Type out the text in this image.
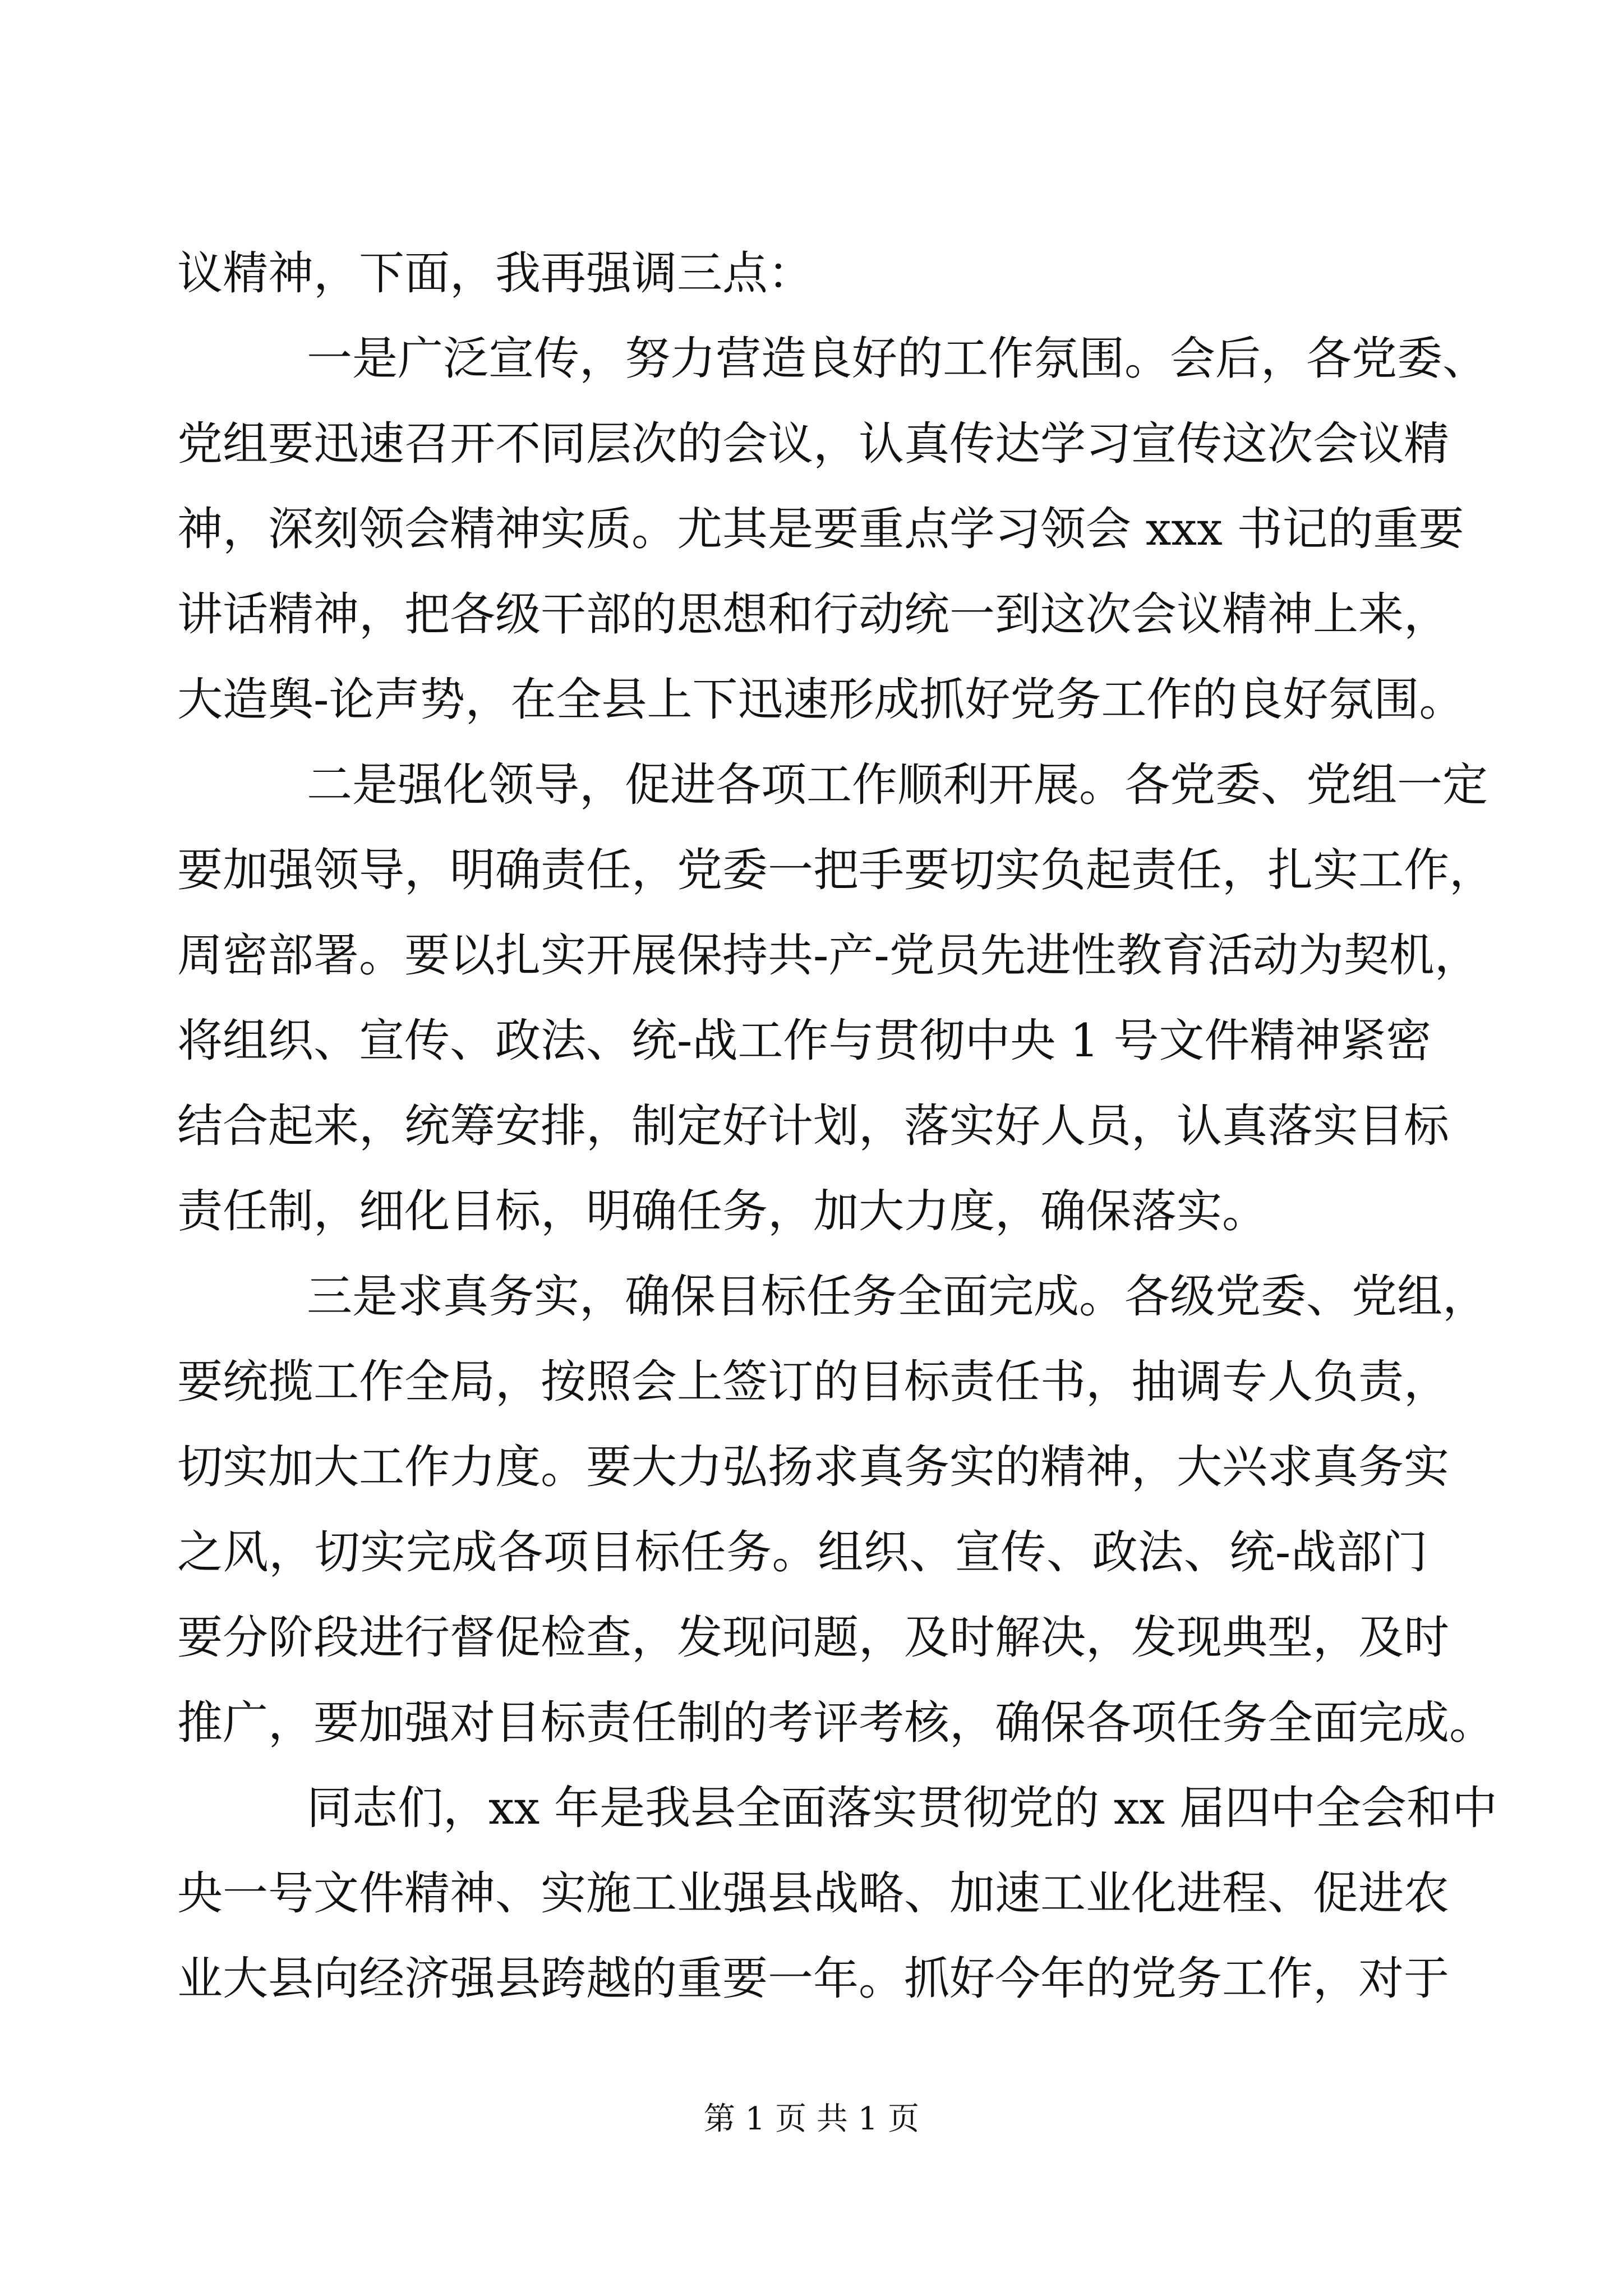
议精神，下面，我再强调三点：
一是广泛宣传，努力营造良好的工作氛围。会后，各党委、
党组要迅速召开不同层次的会议，认真传达学习宣传这次会议精
神，深刻领会精神实质。尤其是要重点学习领会 xxx 书记的重要
讲话精神，把各级干部的思想和行动统一到这次会议精神上来，
大造舆-论声势，在全县上下迅速形成抓好党务工作的良好氛围。
二是强化领导，促进各项工作顺利开展。各党委、党组一定
要加强领导，明确责任，党委一把手要切实负起责任，扎实工作，
周密部署。要以扎实开展保持共-产-党员先进性教育活动为契机，
将组织、宣传、政法、统-战工作与贯彻中央 1 号文件精神紧密
结合起来，统筹安排，制定好计划，落实好人员，认真落实目标
责任制，细化目标，明确任务，加大力度，确保落实。
三是求真务实，确保目标任务全面完成。各级党委、党组，
要统揽工作全局，按照会上签订的目标责任书，抽调专人负责，
切实加大工作力度。要大力弘扬求真务实的精神，大兴求真务实
之风，切实完成各项目标任务。组织、宣传、政法、统-战部门
要分阶段进行督促检查，发现问题，及时解决，发现典型，及时
推广，要加强对目标责任制的考评考核，确保各项任务全面完成。
同志们，xx 年是我县全面落实贯彻党的 xx 届四中全会和中
央一号文件精神、实施工业强县战略、加速工业化进程、促进农
业大县向经济强县跨越的重要一年。抓好今年的党务工作，对于
第 1 页 共 1 页
